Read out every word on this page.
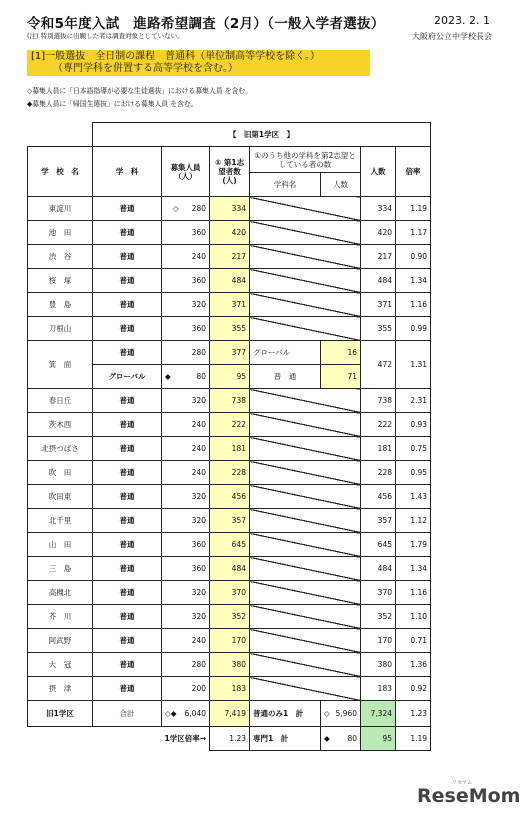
令和5年度入試　進路希望調査（2月）（一般入学者選抜）	2023. 2. 1
(注) 特別選抜に出願した者は調査対象としていない。	大阪府公立中学校長会
[1]一般選抜　全日制の課程　普通科（単位制高等学校を除く。）
（専門学科を併置する高等学校を含む。）
◇募集人員に「日本語指導が必要な生徒選抜」における募集人員 を含む。
◆募集人員に「帰国生選抜」における募集人員 を含む。
	【　旧第1学区　】							
学　校　名	学　科	募集人員（人）	① 第1志望者数(人)	①のうち他の学科を第2志望としている者の数		人数	倍率	
				学科名	人数			
東淀川	普通	◇ 280	334			334	1.19	
池　田	普通	360	420			420	1.17	
渋　谷	普通	240	217			217	0.90	
桜　塚	普通	360	484			484	1.34	
豊　島	普通	320	371			371	1.16	
刀根山	普通	360	355			355	0.99	
箕　面	普通	280	377	グローバル	16	472	1.31	
	グローバル	◆ 80	95	普　通	71			
春日丘	普通	320	738			738	2.31	
茨木西	普通	240	222			222	0.93	
北摂つばさ	普通	240	181			181	0.75	
吹　田	普通	240	228			228	0.95	
吹田東	普通	320	456			456	1.43	
北千里	普通	320	357			357	1.12	
山　田	普通	360	645			645	1.79	
三　島	普通	360	484			484	1.34	
高槻北	普通	320	370			370	1.16	
芥　川	普通	320	352			352	1.10	
阿武野	普通	240	170			170	0.71	
大　冠	普通	280	380			380	1.36	
摂　津	普通	200	183			183	0.92	
旧1学区	合計	◇◆ 6,040	7,419	普通のみ1　計	◇ 5,960	7,324	1.23	
	1学区倍率→		1.23	専門1　計	◆ 80	95	1.19	
リセマム
ReseMom
